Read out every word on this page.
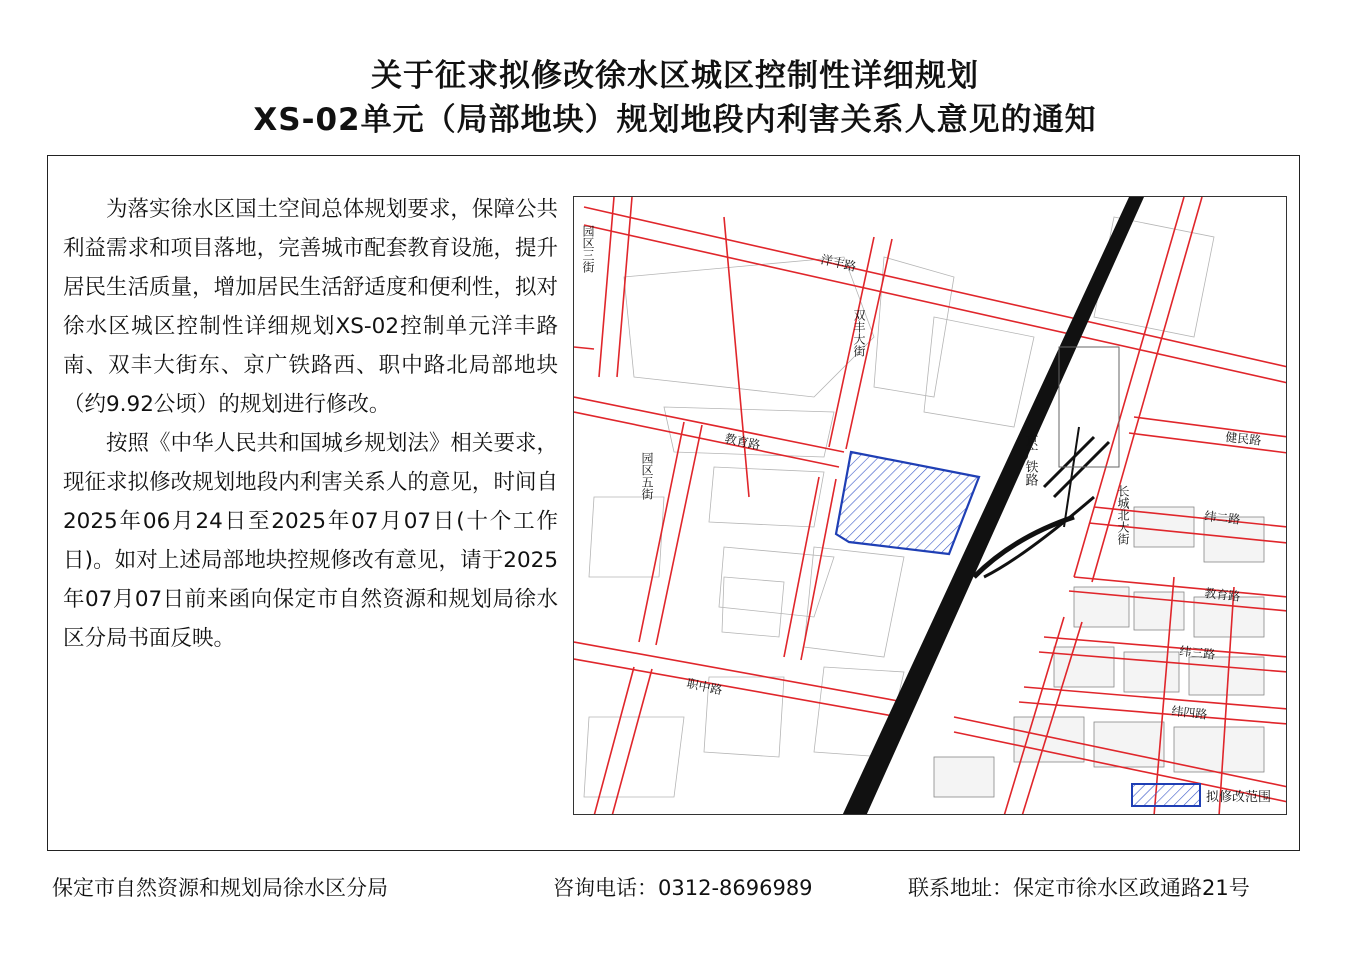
关于征求拟修改徐水区城区控制性详细规划
XS-02单元（局部地块）规划地段内利害关系人意见的通知

为落实徐水区国土空间总体规划要求，保障公共利益需求和项目落地，完善城市配套教育设施，提升居民生活质量，增加居民生活舒适度和便利性，拟对徐水区城区控制性详细规划XS-02控制单元洋丰路南、双丰大街东、京广铁路西、职中路北局部地块（约9.92公顷）的规划进行修改。

按照《中华人民共和国城乡规划法》相关要求，现征求拟修改规划地段内利害关系人的意见，时间自2025年06月24日至2025年07月07日(十个工作日)。如对上述局部地块控规修改有意见，请于2025年07月07日前来函向保定市自然资源和规划局徐水区分局书面反映。

洋丰路
教育路
职中路
健民路
纬二路
教育路
纬三路
纬四路
园区三街
园区五街
双丰大街
京广铁路
长城北大街
拟修改范围
保定市自然资源和规划局徐水区分局	咨询电话：0312-8696989	联系地址：保定市徐水区政通路21号
